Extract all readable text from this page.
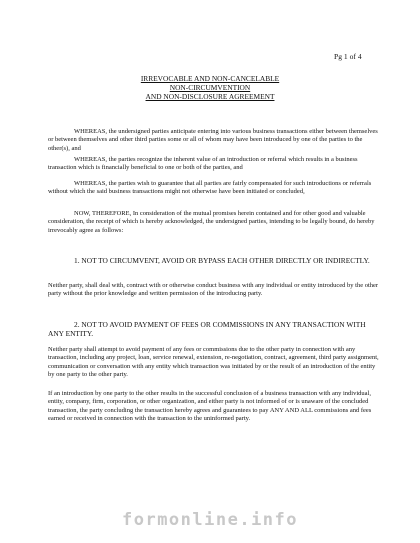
Pg 1 of 4
IRREVOCABLE AND NON-CANCELABLE
NON-CIRCUMVENTION
AND NON-DISCLOSURE AGREEMENT

WHEREAS, the undersigned parties anticipate entering into various business transactions either between themselves or between themselves and other third parties some or all of whom may have been introduced by one of the parties to the other(s), and

WHEREAS, the parties recognize the inherent value of an introduction or referral which results in a business transaction which is financially beneficial to one or both of the parties, and

WHEREAS, the parties wish to guarantee that all parties are fairly compensated for such introductions or referrals without which the said business transactions might not otherwise have been initiated or concluded,

NOW, THEREFORE, In consideration of the mutual promises herein contained and for other good and valuable consideration, the receipt of which is hereby acknowledged, the undersigned parties, intending to be legally bound, do hereby irrevocably agree as follows:

1. NOT TO CIRCUMVENT, AVOID OR BYPASS EACH OTHER DIRECTLY OR INDIRECTLY.

Neither party, shall deal with, contract with or otherwise conduct business with any individual or entity introduced by the other party without the prior knowledge and written permission of the introducing party.

2. NOT TO AVOID PAYMENT OF FEES OR COMMISSIONS IN ANY TRANSACTION WITH ANY ENTITY.

Neither party shall attempt to avoid payment of any fees or commissions due to the other party in connection with any transaction, including any project, loan, service renewal, extension, re-negotiation, contract, agreement, third party assignment, communication or conversation with any entity which transaction was initiated by or the result of an introduction of the entity by one party to the other party.

If an introduction by one party to the other results in the successful conclusion of a business transaction with any individual, entity, company, firm, corporation, or other organization, and either party is not informed of or is unaware of the concluded transaction, the party concluding the transaction hereby agrees and guarantees to pay ANY AND ALL commissions and fees earned or received in connection with the transaction to the uninformed party.

formonline.info
